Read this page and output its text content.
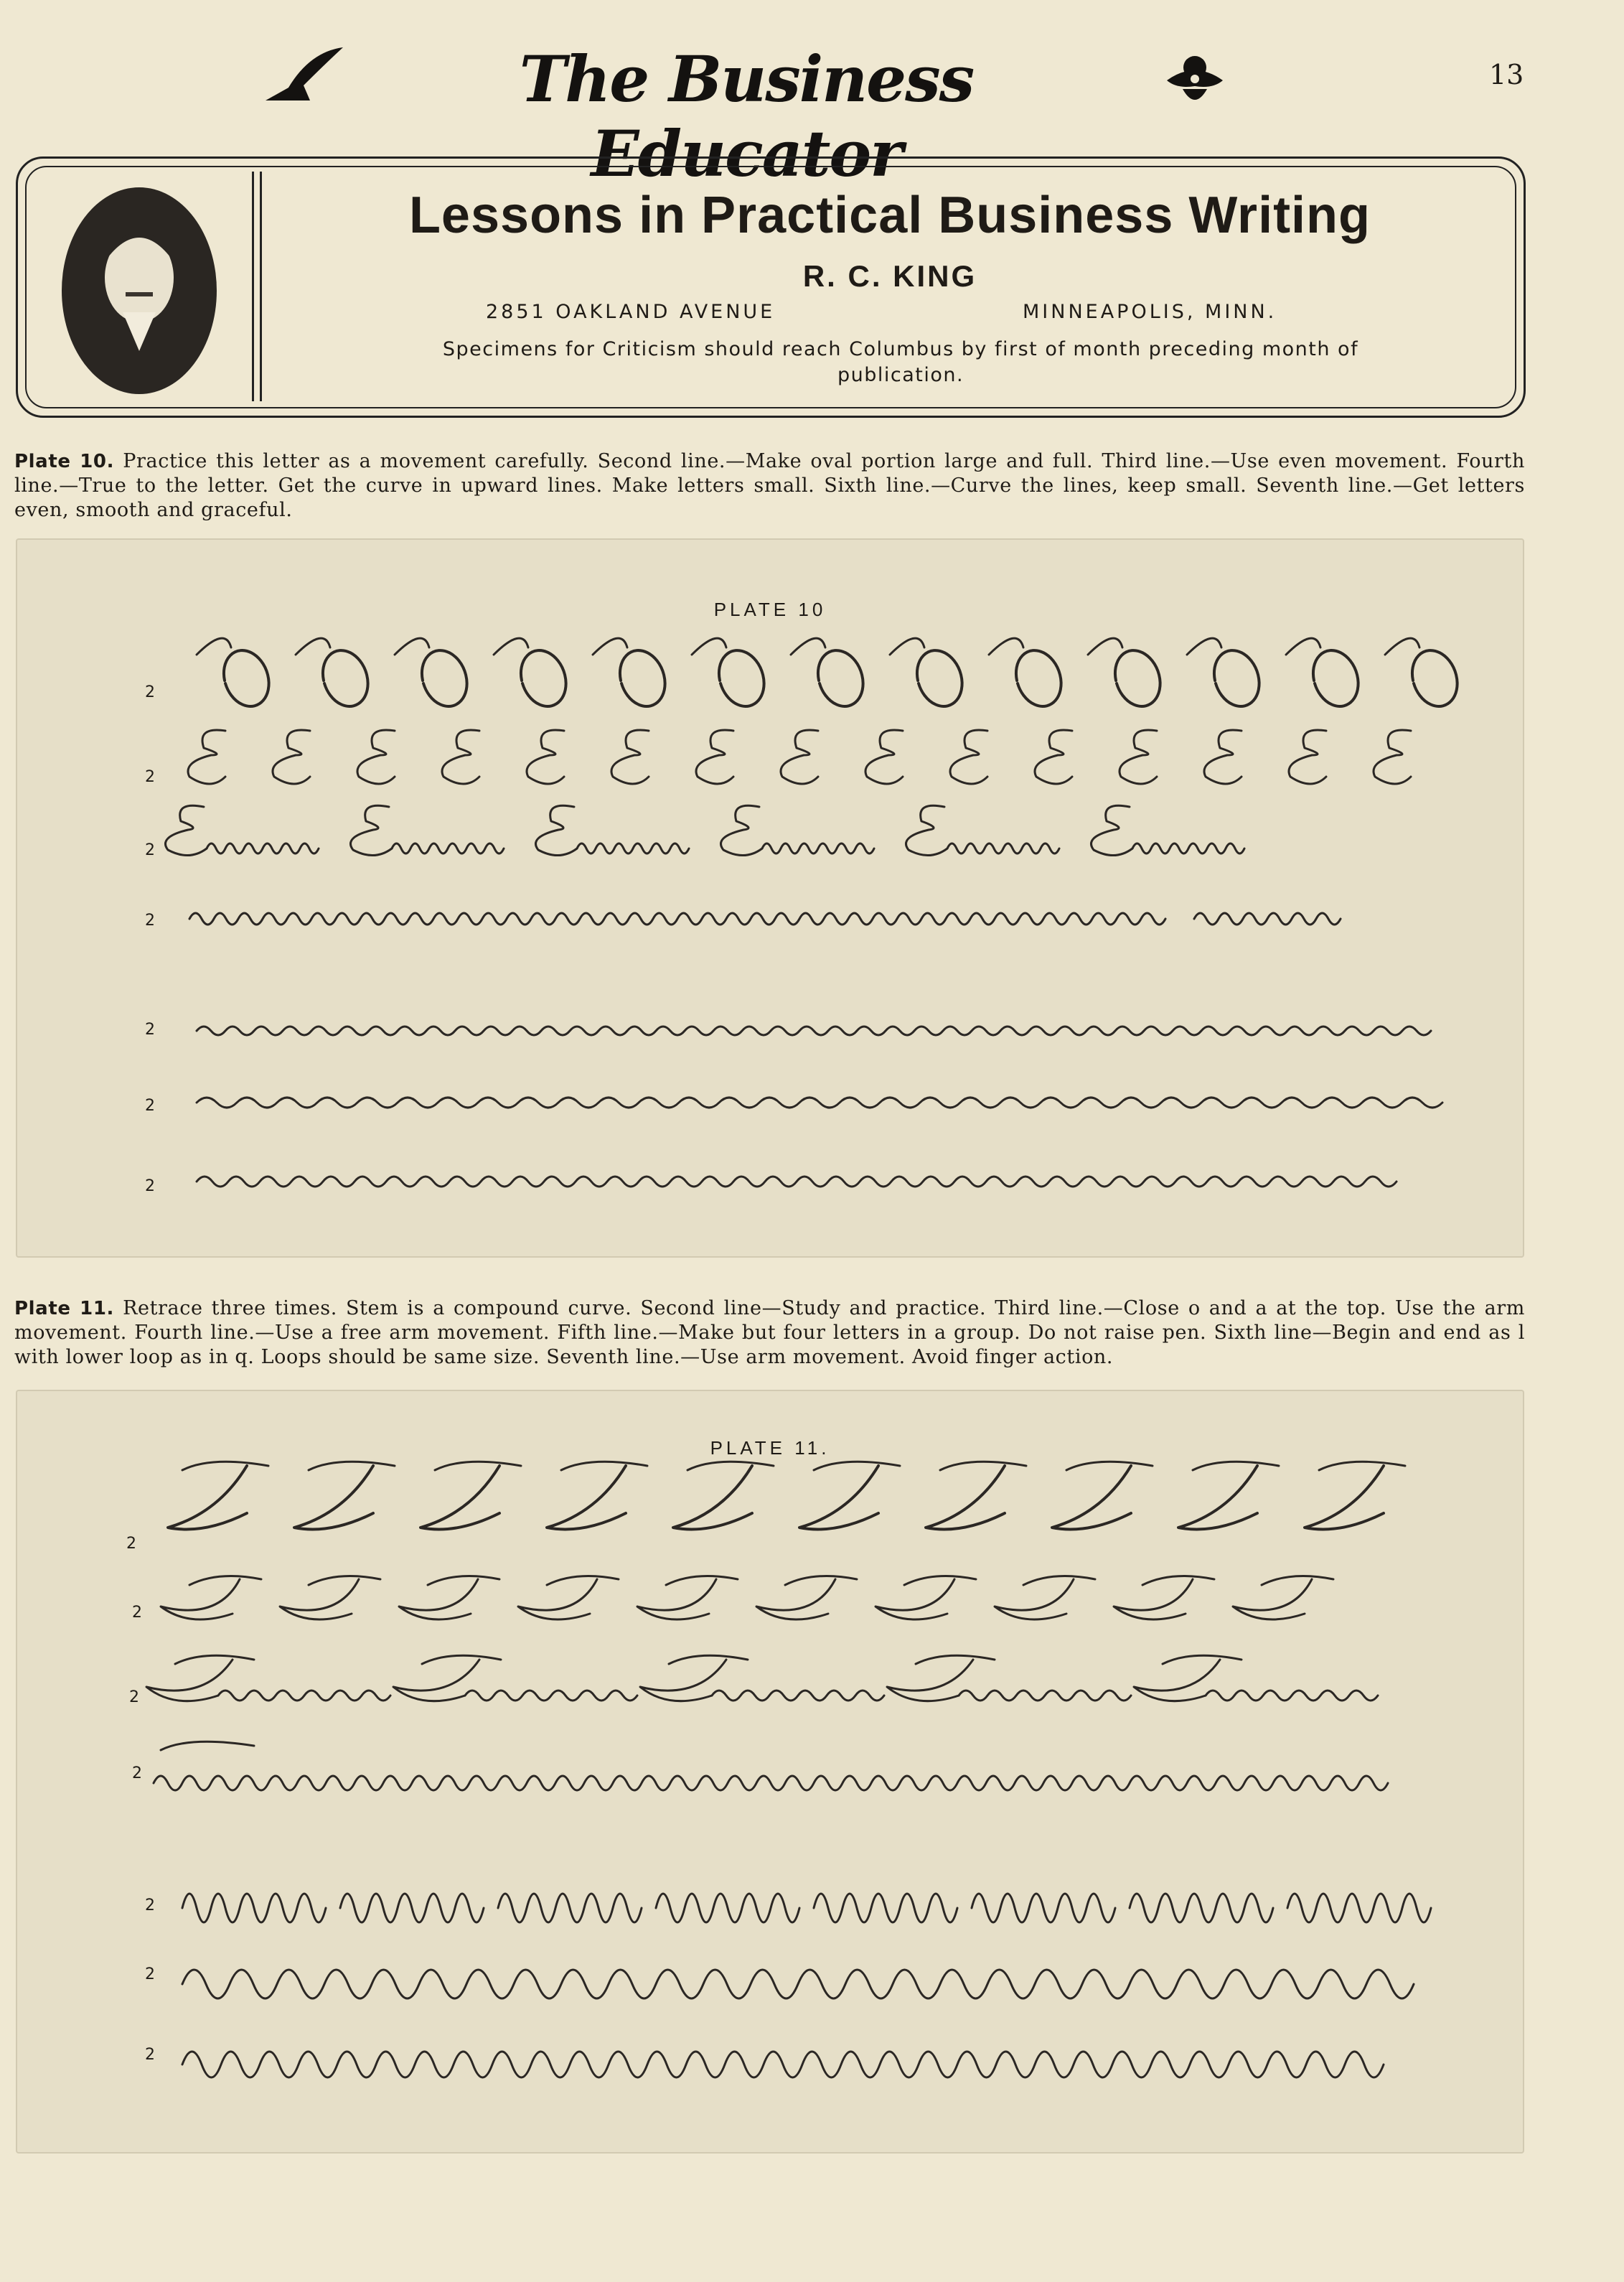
The Business Educator
13
Lessons in Practical Business Writing
R. C. KING
2851 OAKLAND AVENUE	MINNEAPOLIS, MINN.
Specimens for Criticism should reach Columbus by first of month preceding month of publication.
Plate 10. Practice this letter as a movement carefully. Second line.—Make oval portion large and full. Third line.—Use even movement. Fourth line.—True to the letter. Get the curve in upward lines. Make letters small. Sixth line.—Curve the lines, keep small. Seventh line.—Get letters even, smooth and graceful.
PLATE 10
2
2
2
2
2
2
2
Plate 11. Retrace three times. Stem is a compound curve. Second line—Study and practice. Third line.—Close o and a at the top. Use the arm movement. Fourth line.—Use a free arm movement. Fifth line.—Make but four letters in a group. Do not raise pen. Sixth line—Begin and end as l with lower loop as in q. Loops should be same size. Seventh line.—Use arm movement. Avoid finger action.
PLATE 11.
2
2
2
2
2
2
2
